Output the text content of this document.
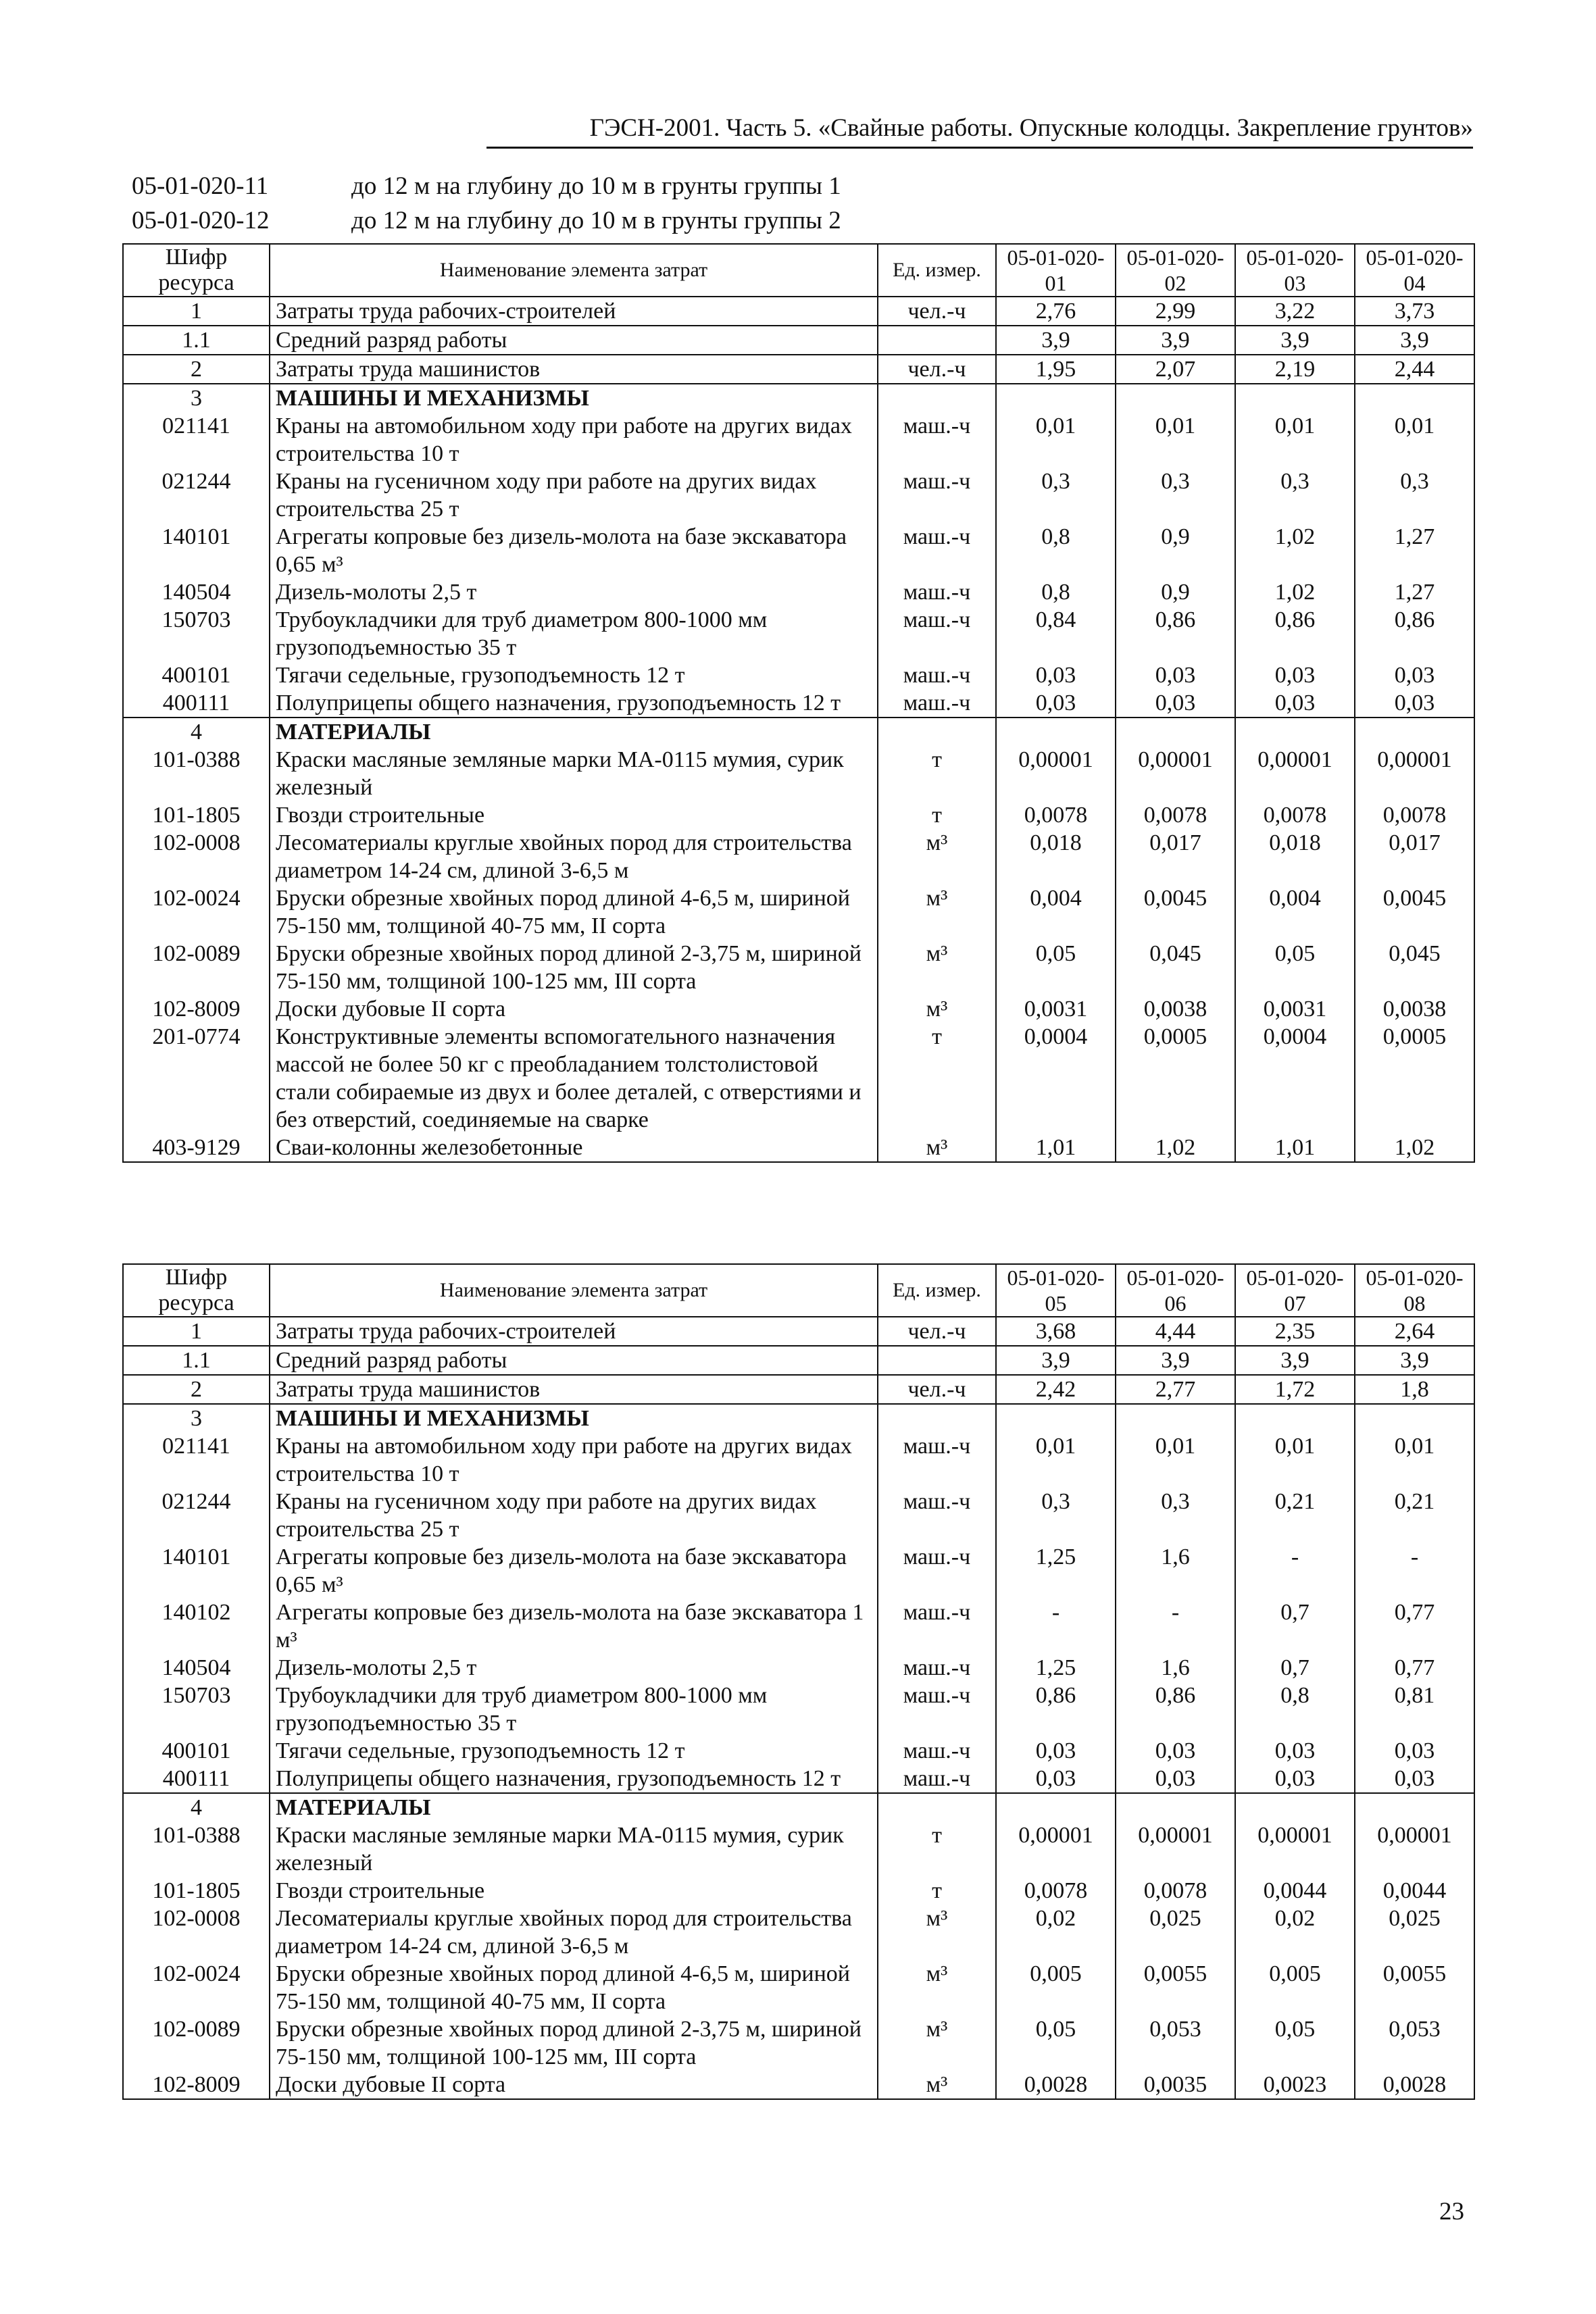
ГЭСН-2001. Часть 5. «Свайные работы. Опускные колодцы. Закрепление грунтов»
05-01-020-11	до 12 м на глубину до 10 м в грунты группы 1
05-01-020-12	до 12 м на глубину до 10 м в грунты группы 2
Шифр ресурса	Наименование элемента затрат	Ед. измер.	05-01-020-01	05-01-020-02	05-01-020-03	05-01-020-04
1	Затраты труда рабочих-строителей	чел.-ч	2,76	2,99	3,22	3,73
1.1	Средний разряд работы		3,9	3,9	3,9	3,9
2	Затраты труда машинистов	чел.-ч	1,95	2,07	2,19	2,44
3	МАШИНЫ И МЕХАНИЗМЫ					
021141	Краны на автомобильном ходу при работе на других видах строительства 10 т	маш.-ч	0,01	0,01	0,01	0,01
021244	Краны на гусеничном ходу при работе на других видах строительства 25 т	маш.-ч	0,3	0,3	0,3	0,3
140101	Агрегаты копровые без дизель-молота на базе экскаватора 0,65 м³	маш.-ч	0,8	0,9	1,02	1,27
140504	Дизель-молоты 2,5 т	маш.-ч	0,8	0,9	1,02	1,27
150703	Трубоукладчики для труб диаметром 800-1000 мм грузоподъемностью 35 т	маш.-ч	0,84	0,86	0,86	0,86
400101	Тягачи седельные, грузоподъемность 12 т	маш.-ч	0,03	0,03	0,03	0,03
400111	Полуприцепы общего назначения, грузоподъемность 12 т	маш.-ч	0,03	0,03	0,03	0,03
4	МАТЕРИАЛЫ					
101-0388	Краски масляные земляные марки МА-0115 мумия, сурик железный	т	0,00001	0,00001	0,00001	0,00001
101-1805	Гвозди строительные	т	0,0078	0,0078	0,0078	0,0078
102-0008	Лесоматериалы круглые хвойных пород для строительства диаметром 14-24 см, длиной 3-6,5 м	м³	0,018	0,017	0,018	0,017
102-0024	Бруски обрезные хвойных пород длиной 4-6,5 м, шириной 75-150 мм, толщиной 40-75 мм, II сорта	м³	0,004	0,0045	0,004	0,0045
102-0089	Бруски обрезные хвойных пород длиной 2-3,75 м, шириной 75-150 мм, толщиной 100-125 мм, III сорта	м³	0,05	0,045	0,05	0,045
102-8009	Доски дубовые II сорта	м³	0,0031	0,0038	0,0031	0,0038
201-0774	Конструктивные элементы вспомогательного назначения массой не более 50 кг с преобладанием толстолистовой стали собираемые из двух и более деталей, с отверстиями и без отверстий, соединяемые на сварке	т	0,0004	0,0005	0,0004	0,0005
403-9129	Сваи-колонны железобетонные	м³	1,01	1,02	1,01	1,02
Шифр ресурса	Наименование элемента затрат	Ед. измер.	05-01-020-05	05-01-020-06	05-01-020-07	05-01-020-08
1	Затраты труда рабочих-строителей	чел.-ч	3,68	4,44	2,35	2,64
1.1	Средний разряд работы		3,9	3,9	3,9	3,9
2	Затраты труда машинистов	чел.-ч	2,42	2,77	1,72	1,8
3	МАШИНЫ И МЕХАНИЗМЫ					
021141	Краны на автомобильном ходу при работе на других видах строительства 10 т	маш.-ч	0,01	0,01	0,01	0,01
021244	Краны на гусеничном ходу при работе на других видах строительства 25 т	маш.-ч	0,3	0,3	0,21	0,21
140101	Агрегаты копровые без дизель-молота на базе экскаватора 0,65 м³	маш.-ч	1,25	1,6	-	-
140102	Агрегаты копровые без дизель-молота на базе экскаватора 1 м³	маш.-ч	-	-	0,7	0,77
140504	Дизель-молоты 2,5 т	маш.-ч	1,25	1,6	0,7	0,77
150703	Трубоукладчики для труб диаметром 800-1000 мм грузоподъемностью 35 т	маш.-ч	0,86	0,86	0,8	0,81
400101	Тягачи седельные, грузоподъемность 12 т	маш.-ч	0,03	0,03	0,03	0,03
400111	Полуприцепы общего назначения, грузоподъемность 12 т	маш.-ч	0,03	0,03	0,03	0,03
4	МАТЕРИАЛЫ					
101-0388	Краски масляные земляные марки МА-0115 мумия, сурик железный	т	0,00001	0,00001	0,00001	0,00001
101-1805	Гвозди строительные	т	0,0078	0,0078	0,0044	0,0044
102-0008	Лесоматериалы круглые хвойных пород для строительства диаметром 14-24 см, длиной 3-6,5 м	м³	0,02	0,025	0,02	0,025
102-0024	Бруски обрезные хвойных пород длиной 4-6,5 м, шириной 75-150 мм, толщиной 40-75 мм, II сорта	м³	0,005	0,0055	0,005	0,0055
102-0089	Бруски обрезные хвойных пород длиной 2-3,75 м, шириной 75-150 мм, толщиной 100-125 мм, III сорта	м³	0,05	0,053	0,05	0,053
102-8009	Доски дубовые II сорта	м³	0,0028	0,0035	0,0023	0,0028
23
